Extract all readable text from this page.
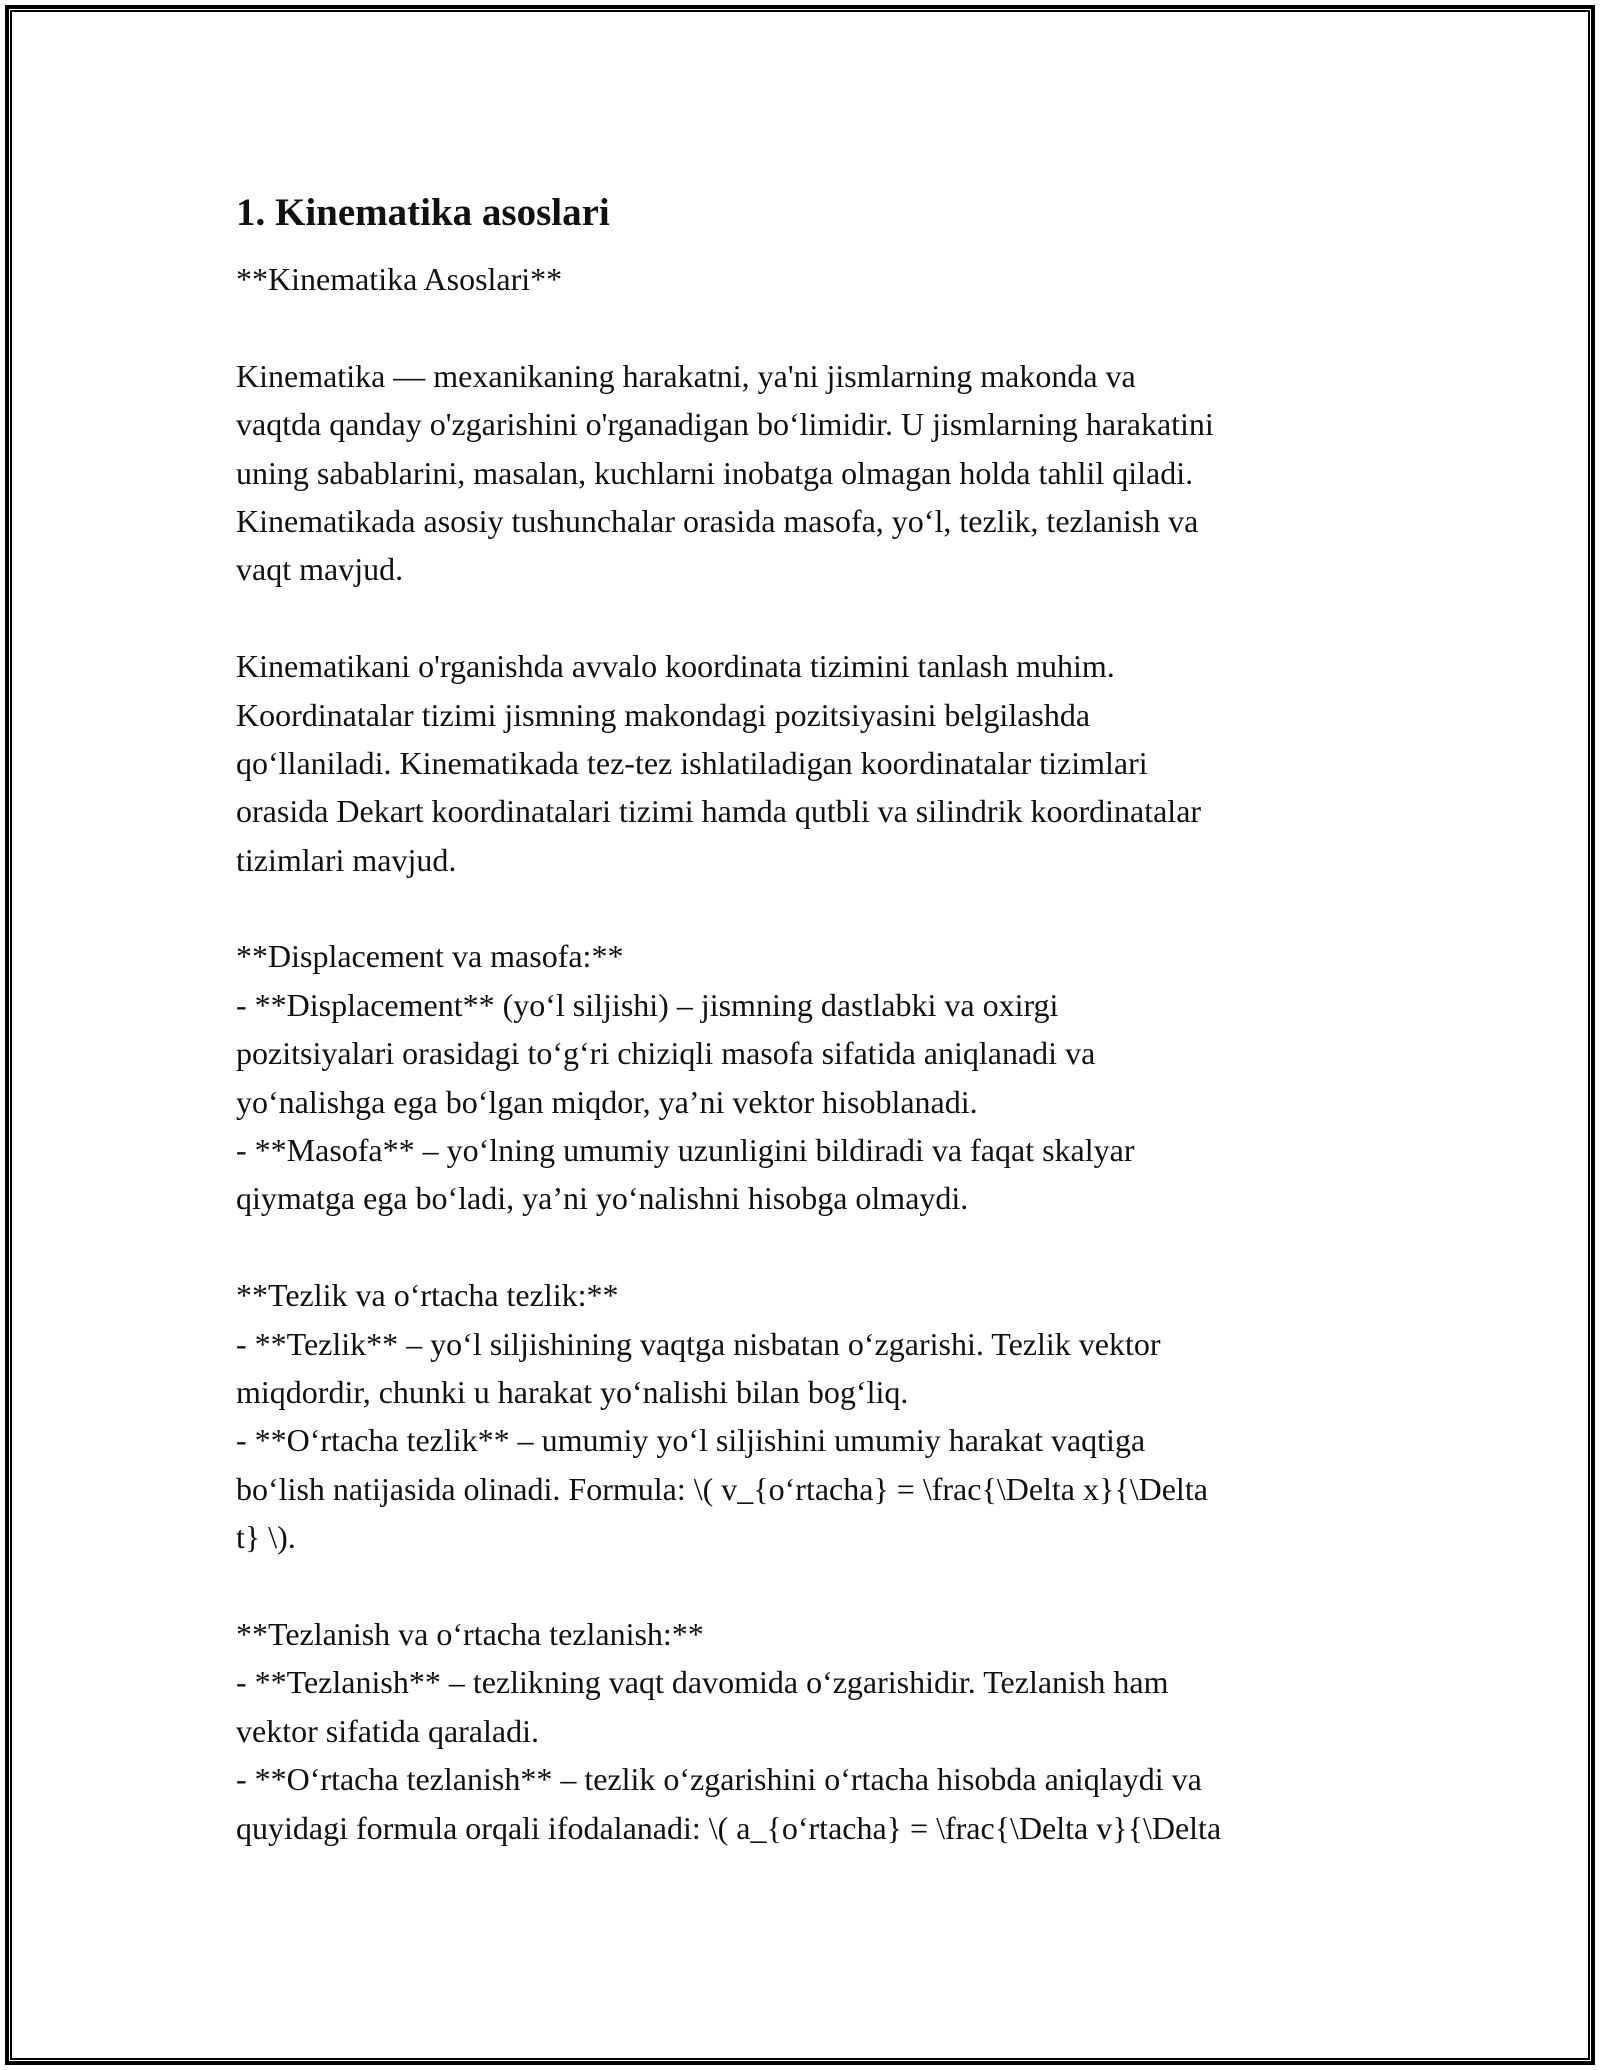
1. Kinematika asoslari
**Kinematika Asoslari**
Kinematika — mexanikaning harakatni, ya'ni jismlarning makonda va
vaqtda qanday o'zgarishini o'rganadigan bo‘limidir. U jismlarning harakatini
uning sabablarini, masalan, kuchlarni inobatga olmagan holda tahlil qiladi.
Kinematikada asosiy tushunchalar orasida masofa, yo‘l, tezlik, tezlanish va
vaqt mavjud.
Kinematikani o'rganishda avvalo koordinata tizimini tanlash muhim.
Koordinatalar tizimi jismning makondagi pozitsiyasini belgilashda
qo‘llaniladi. Kinematikada tez-tez ishlatiladigan koordinatalar tizimlari
orasida Dekart koordinatalari tizimi hamda qutbli va silindrik koordinatalar
tizimlari mavjud.
**Displacement va masofa:**
- **Displacement** (yo‘l siljishi) – jismning dastlabki va oxirgi
pozitsiyalari orasidagi to‘g‘ri chiziqli masofa sifatida aniqlanadi va
yo‘nalishga ega bo‘lgan miqdor, ya’ni vektor hisoblanadi.
- **Masofa** – yo‘lning umumiy uzunligini bildiradi va faqat skalyar
qiymatga ega bo‘ladi, ya’ni yo‘nalishni hisobga olmaydi.
**Tezlik va o‘rtacha tezlik:**
- **Tezlik** – yo‘l siljishining vaqtga nisbatan o‘zgarishi. Tezlik vektor
miqdordir, chunki u harakat yo‘nalishi bilan bog‘liq.
- **O‘rtacha tezlik** – umumiy yo‘l siljishini umumiy harakat vaqtiga
bo‘lish natijasida olinadi. Formula: \( v_{o‘rtacha} = \frac{\Delta x}{\Delta
t} \).
**Tezlanish va o‘rtacha tezlanish:**
- **Tezlanish** – tezlikning vaqt davomida o‘zgarishidir. Tezlanish ham
vektor sifatida qaraladi.
- **O‘rtacha tezlanish** – tezlik o‘zgarishini o‘rtacha hisobda aniqlaydi va
quyidagi formula orqali ifodalanadi: \( a_{o‘rtacha} = \frac{\Delta v}{\Delta
